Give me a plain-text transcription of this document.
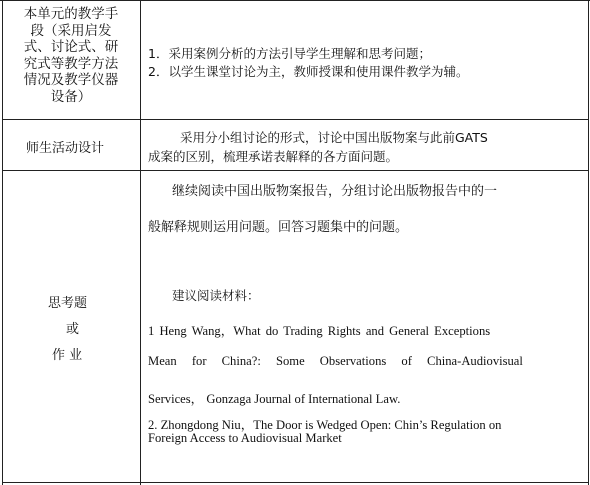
本单元的教学手
段（采用启发
式、讨论式、研
究式等教学方法
情况及教学仪器
设备）
1．采用案例分析的方法引导学生理解和思考问题；
2．以学生课堂讨论为主，教师授课和使用课件教学为辅。
师生活动设计
采用分小组讨论的形式，讨论中国出版物案与此前GATS
成案的区别，梳理承诺表解释的各方面问题。
思考题
或
作 业
继续阅读中国出版物案报告，分组讨论出版物报告中的一
般解释规则运用问题。回答习题集中的问题。
建议阅读材料：
1 Heng Wang，What do Trading Rights and General Exceptions
Mean for China?: Some Observations of China-Audiovisual
Services， Gonzaga Journal of International Law.
2. Zhongdong Niu，The Door is Wedged Open: Chin’s Regulation on
Foreign Access to Audiovisual Market
